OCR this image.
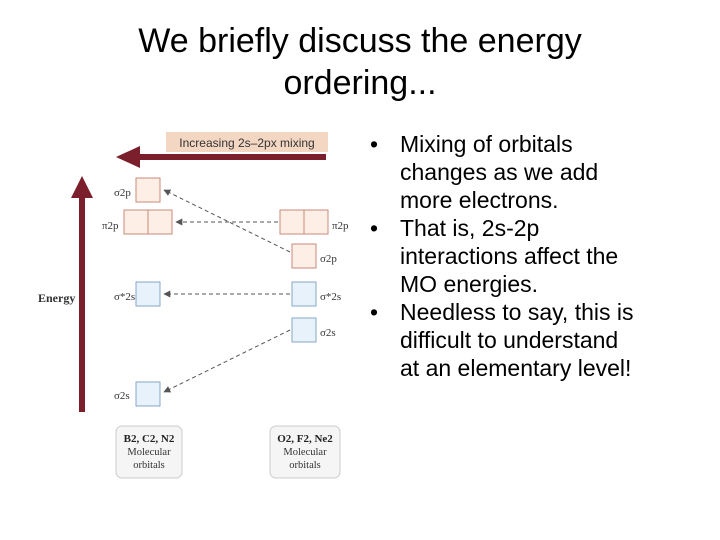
We briefly discuss the energy
ordering...
Increasing 2s–2px mixing
Energy
σ2p
π2p
σ*2s
σ2s
π2p
σ2p
σ*2s
σ2s
B2, C2, N2
Molecular
orbitals
O2, F2, Ne2
Molecular
orbitals
• Mixing of orbitals
changes as we add
more electrons.
• That is, 2s-2p
interactions affect the
MO energies.
• Needless to say, this is
difficult to understand
at an elementary level!
